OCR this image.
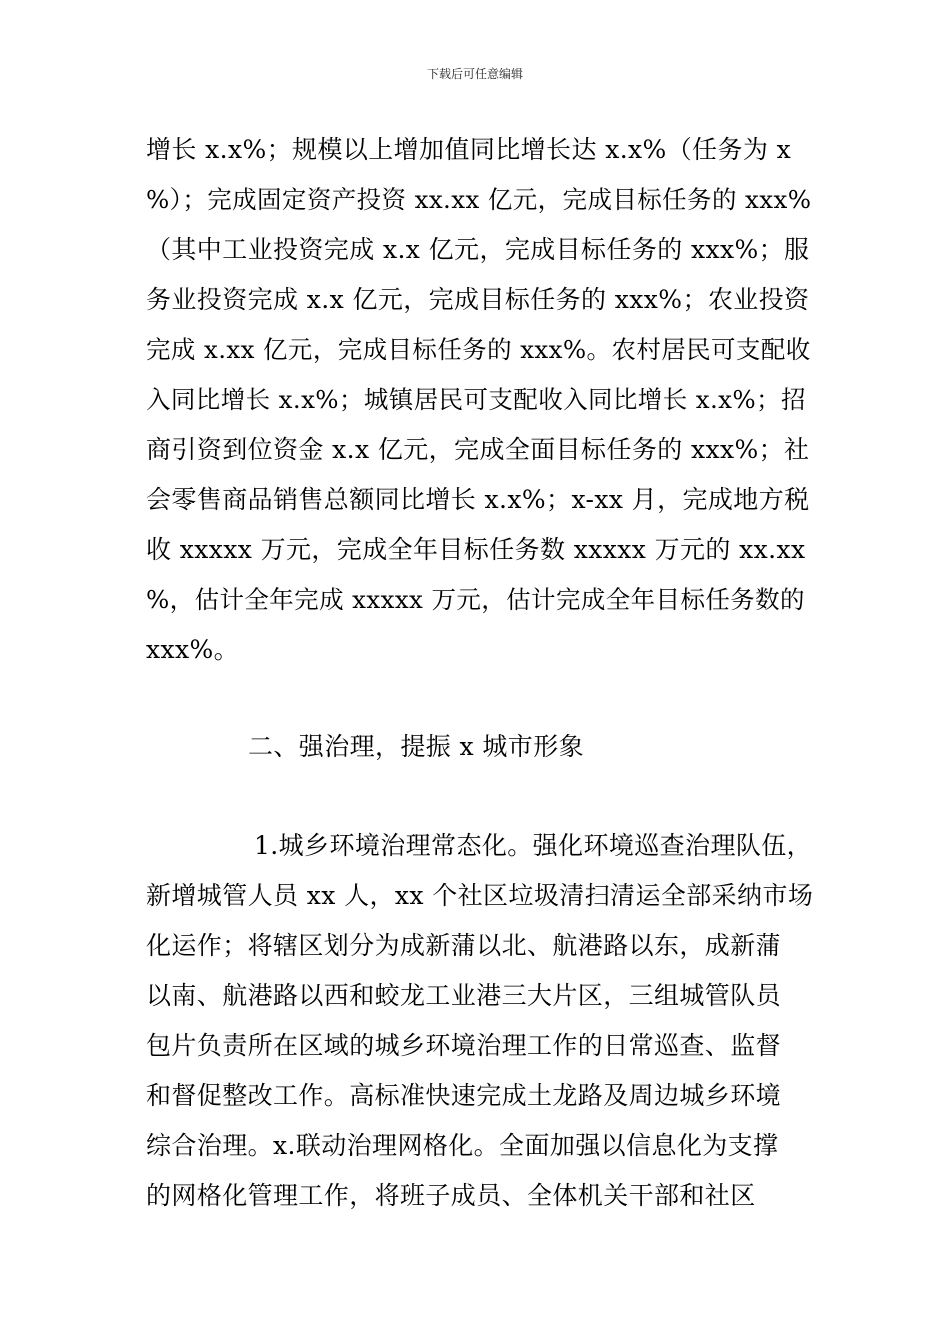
下载后可任意编辑
增长 x.x%；规模以上增加值同比增长达 x.x%（任务为 x
%）；完成固定资产投资 xx.xx 亿元，完成目标任务的 xxx%
（其中工业投资完成 x.x 亿元，完成目标任务的 xxx%；服
务业投资完成 x.x 亿元，完成目标任务的 xxx%；农业投资
完成 x.xx 亿元，完成目标任务的 xxx%。农村居民可支配收
入同比增长 x.x%；城镇居民可支配收入同比增长 x.x%；招
商引资到位资金 x.x 亿元，完成全面目标任务的 xxx%；社
会零售商品销售总额同比增长 x.x%；x-xx 月，完成地方税
收 xxxxx 万元，完成全年目标任务数 xxxxx 万元的 xx.xx
%，估计全年完成 xxxxx 万元，估计完成全年目标任务数的
xxx%。
二、强治理，提振 x 城市形象
1.城乡环境治理常态化。强化环境巡查治理队伍，
新增城管人员 xx 人，xx 个社区垃圾清扫清运全部采纳市场
化运作；将辖区划分为成新蒲以北、航港路以东，成新蒲
以南、航港路以西和蛟龙工业港三大片区，三组城管队员
包片负责所在区域的城乡环境治理工作的日常巡查、监督
和督促整改工作。高标准快速完成土龙路及周边城乡环境
综合治理。x.联动治理网格化。全面加强以信息化为支撑
的网格化管理工作，将班子成员、全体机关干部和社区
